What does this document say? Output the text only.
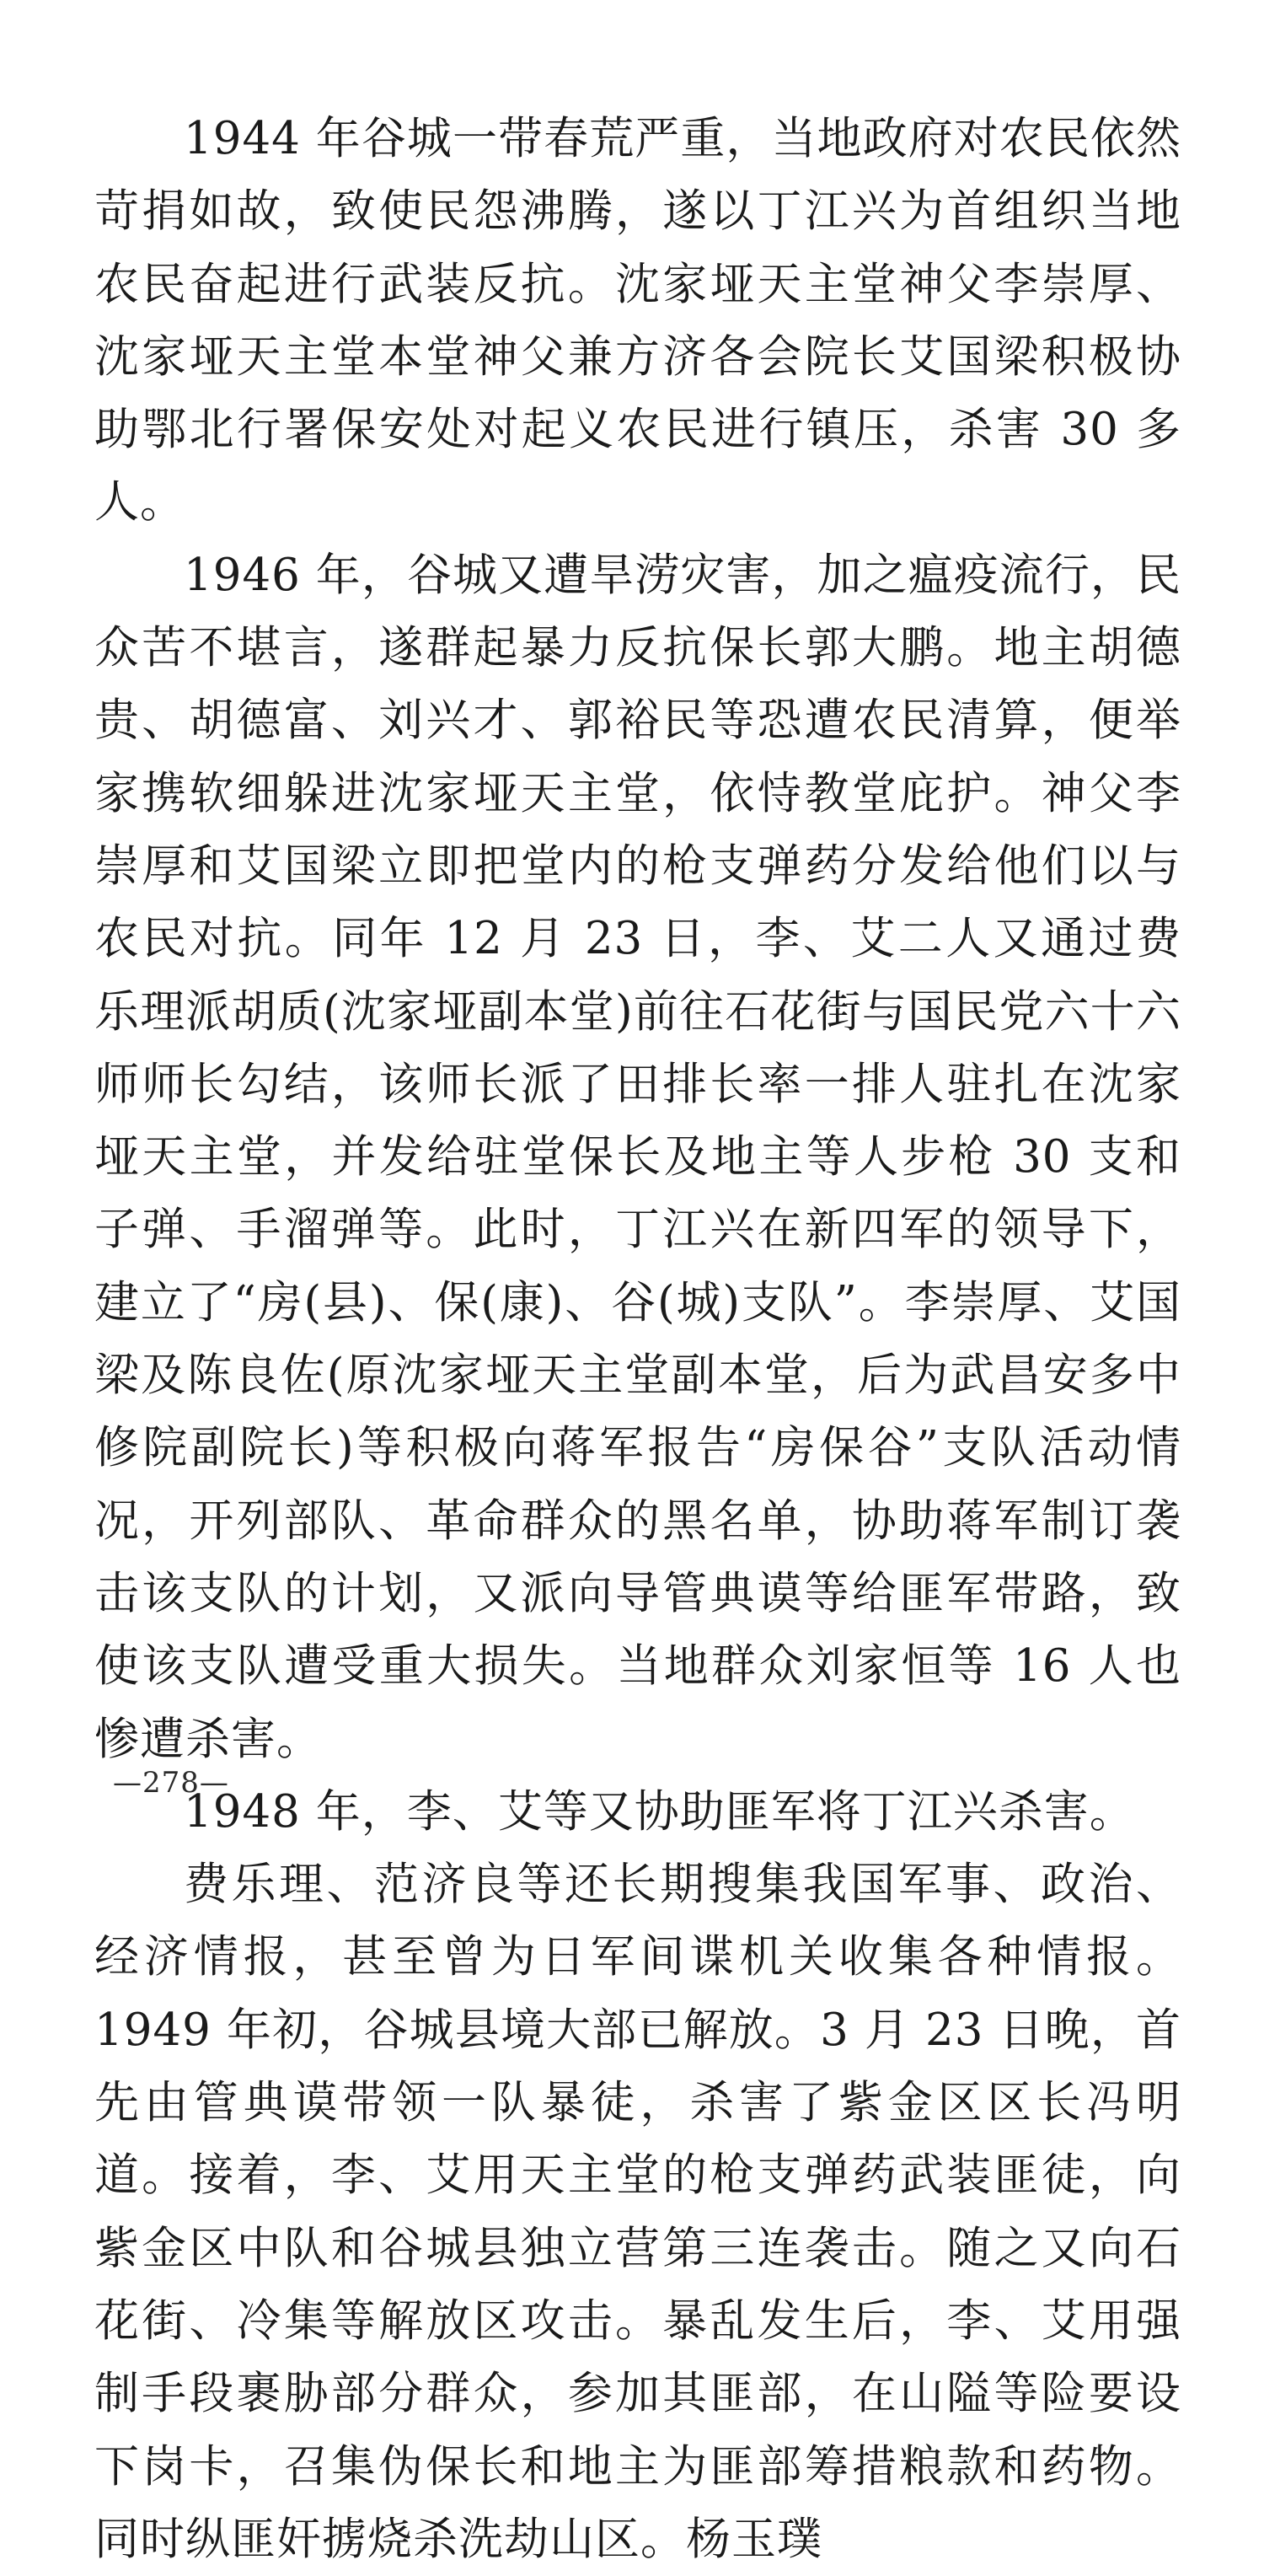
1944 年谷城一带春荒严重，当地政府对农民依然苛捐如故，致使民怨沸腾，遂以丁江兴为首组织当地农民奋起进行武装反抗。沈家垭天主堂神父李崇厚、沈家垭天主堂本堂神父兼方济各会院长艾国梁积极协助鄂北行署保安处对起义农民进行镇压，杀害 30 多人。

1946 年，谷城又遭旱涝灾害，加之瘟疫流行，民众苦不堪言，遂群起暴力反抗保长郭大鹏。地主胡德贵、胡德富、刘兴才、郭裕民等恐遭农民清算，便举家携软细躲进沈家垭天主堂，依恃教堂庇护。神父李崇厚和艾国梁立即把堂内的枪支弹药分发给他们以与农民对抗。同年 12 月 23 日，李、艾二人又通过费乐理派胡质(沈家垭副本堂)前往石花街与国民党六十六师师长勾结，该师长派了田排长率一排人驻扎在沈家垭天主堂，并发给驻堂保长及地主等人步枪 30 支和子弹、手溜弹等。此时，丁江兴在新四军的领导下，建立了“房(县)、保(康)、谷(城)支队”。李崇厚、艾国梁及陈良佐(原沈家垭天主堂副本堂，后为武昌安多中修院副院长)等积极向蒋军报告“房保谷”支队活动情况，开列部队、革命群众的黑名单，协助蒋军制订袭击该支队的计划，又派向导管典谟等给匪军带路，致使该支队遭受重大损失。当地群众刘家恒等 16 人也惨遭杀害。

1948 年，李、艾等又协助匪军将丁江兴杀害。

费乐理、范济良等还长期搜集我国军事、政治、经济情报，甚至曾为日军间谍机关收集各种情报。1949 年初，谷城县境大部已解放。3 月 23 日晚，首先由管典谟带领一队暴徒，杀害了紫金区区长冯明道。接着，李、艾用天主堂的枪支弹药武装匪徒，向紫金区中队和谷城县独立营第三连袭击。随之又向石花街、冷集等解放区攻击。暴乱发生后，李、艾用强制手段裹胁部分群众，参加其匪部，在山隘等险要设下岗卡，召集伪保长和地主为匪部筹措粮款和药物。同时纵匪奸掳烧杀洗劫山区。杨玉璞

—278—
